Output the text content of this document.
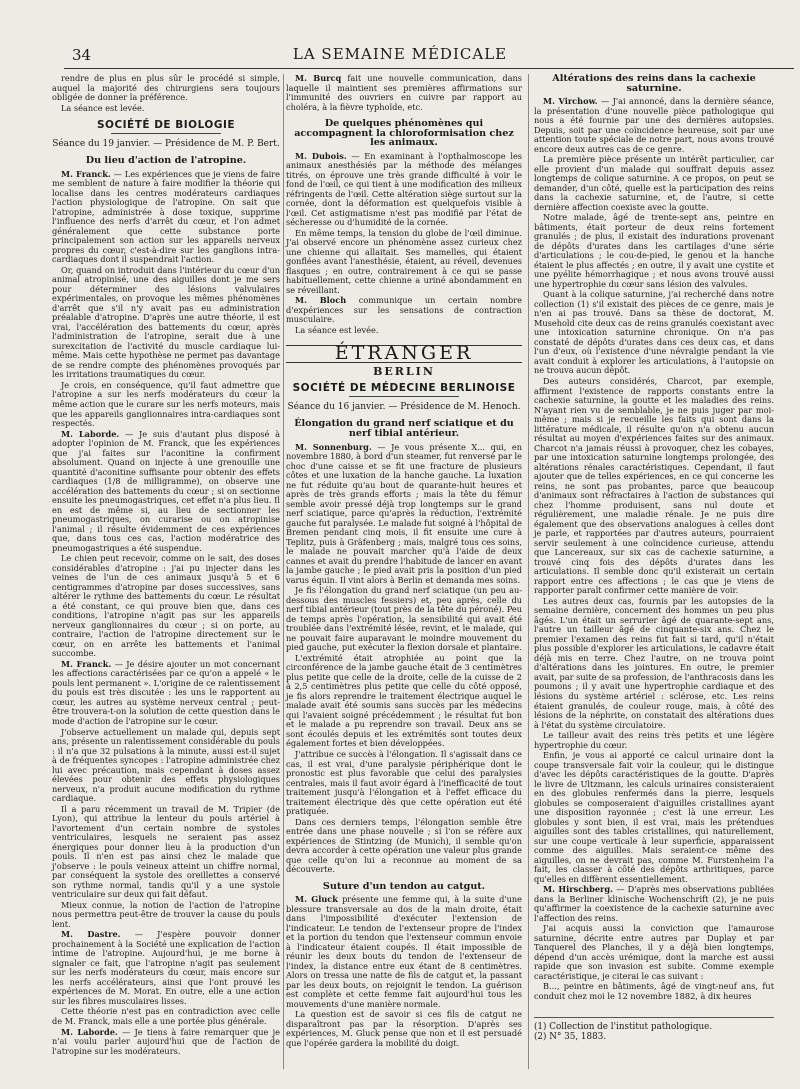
34	LA SEMAINE MÉDICALE

rendre de plus en plus sûr le procédé si simple, auquel la majorité des chirurgiens sera toujours obligée de donner la préférence.

La séance est levée.

SOCIÉTÉ DE BIOLOGIE
Séance du 19 janvier. — Présidence de M. P. Bert.
Du lieu d'action de l'atropine.

M. Franck. — Les expériences que je viens de faire me semblent de nature à faire modifier la théorie qui localise dans les centres modérateurs cardiaques l'action physiologique de l'atropine. On sait que l'atropine, administrée à dose toxique, supprime l'influence des nerfs d'arrêt du cœur, et l'on admet généralement que cette substance porte principalement son action sur les appareils nerveux propres du cœur, c'est-à-dire sur les ganglions intra-cardiaques dont il suspendrait l'action.

Or, quand on introduit dans l'intérieur du cœur d'un animal atropinisé, une des aiguilles dont je me sers pour déterminer des lésions valvulaires expérimentales, on provoque les mêmes phénomènes d'arrêt que s'il n'y avait pas eu administration préalable d'atropine. D'après une autre théorie, il est vrai, l'accélération des battements du cœur, après l'administration de l'atropine, serait due à une surexcitation de l'activité du muscle cardiaque lui-même. Mais cette hypothèse ne permet pas davantage de se rendre compte des phénomènes provoqués par les irritations traumatiques du cœur.

Je crois, en conséquence, qu'il faut admettre que l'atropine a sur les nerfs modérateurs du cœur la même action que le curare sur les nerfs moteurs, mais que les appareils ganglionnaires intra-cardiaques sont respectés.

M. Laborde. — Je suis d'autant plus disposé à adopter l'opinion de M. Franck, que les expériences que j'ai faites sur l'aconitine la confirment absolument. Quand on injecte à une grenouille une quantité d'aconitine suffisante pour obtenir des effets cardiaques (1/8 de milligramme), on observe une accélération des battements du cœur ; si on sectionne ensuite les pneumogastriques, cet effet n'a plus lieu. Il en est de même si, au lieu de sectionner les pneumogastriques, on curarise ou on atropinise l'animal ; il résulte évidemment de ces expériences que, dans tous ces cas, l'action modératrice des pneumogastriques a été suspendue.

Le chien peut recevoir, comme on le sait, des doses considérables d'atropine : j'ai pu injecter dans les veines de l'un de ces animaux jusqu'à 5 et 6 centigrammes d'atropine par doses successives, sans altérer le rythme des battements du cœur. Le résultat a été constant, ce qui prouve bien que, dans ces conditions, l'atropine n'agit pas sur les appareils nerveux ganglionnaires du cœur ; si on porte, au contraire, l'action de l'atropine directement sur le cœur, on en arrête les battements et l'animal succombe.

M. Franck. — Je désire ajouter un mot concernant les affections caractérisées par ce qu'on a appelé « le pouls lent permanent ». L'origine de ce ralentissement du pouls est très discutée : les uns le rapportent au cœur, les autres au système nerveux central ; peut-être trouvera-t-on la solution de cette question dans le mode d'action de l'atropine sur le cœur.

J'observe actuellement un malade qui, depuis sept ans, présente un ralentissement considérable du pouls : il n'a que 32 pulsations à la minute, aussi est-il sujet à de fréquentes syncopes : l'atropine administrée chez lui avec précaution, mais cependant à doses assez élevées pour obtenir des effets physiologiques nerveux, n'a produit aucune modification du rythme cardiaque.

Il a paru récemment un travail de M. Tripier (de Lyon), qui attribue la lenteur du pouls artériel à l'avortement d'un certain nombre de systoles ventriculaires, lesquels ne seraient pas assez énergiques pour donner lieu à la production d'un pouls. Il n'en est pas ainsi chez le malade que j'observe : le pouls veineux atteint un chiffre normal, par conséquent la systole des oreillettes a conservé son rythme normal, tandis qu'il y a une systole ventriculaire sur deux qui fait défaut.

Mieux connue, la notion de l'action de l'atropine nous permettra peut-être de trouver la cause du pouls lent.

M. Dastre. — J'espère pouvoir donner prochainement à la Société une explication de l'action intime de l'atropine. Aujourd'hui, je me borne à signaler ce fait, que l'atropine n'agit pas seulement sur les nerfs modérateurs du cœur, mais encore sur les nerfs accélérateurs, ainsi que l'ont prouvé les expériences de M. Morat. En outre, elle a une action sur les fibres musculaires lisses.

Cette théorie n'est pas en contradiction avec celle de M. Franck, mais elle a une portée plus générale.

M. Laborde. — Je tiens à faire remarquer que je n'ai voulu parler aujourd'hui que de l'action de l'atropine sur les modérateurs.

M. Burcq fait une nouvelle communication, dans laquelle il maintient ses premières affirmations sur l'immunité des ouvriers en cuivre par rapport au choléra, à la fièvre typhoïde, etc.

De quelques phénomènes qui accompagnent la chloroformisation chez les animaux.

M. Dubois. — En examinant à l'opthalmoscope les animaux anesthésiés par la méthode des mélanges titrés, on éprouve une très grande difficulté à voir le fond de l'œil, ce qui tient à une modification des milieux réfringents de l'œil. Cette altération siège surtout sur la cornée, dont la déformation est quelquefois visible à l'œil. Cet astigmatisme n'est pas modifié par l'état de sécheresse ou d'humidité de la cornée.

En même temps, la tension du globe de l'œil diminue. J'ai observé encore un phénomène assez curieux chez une chienne qui allaitait. Ses mamelles, qui étaient gonflées avant l'anesthésie, étaient, au réveil, devenues flasques ; en outre, contrairement à ce qui se passe habituellement, cette chienne a uriné abondamment en se réveillant.

M. Bloch communique un certain nombre d'expériences sur les sensations de contraction musculaire.

La séance est levée.

ÉTRANGER
BERLIN
SOCIÉTÉ DE MÉDECINE BERLINOISE
Séance du 16 janvier. — Présidence de M. Henoch.
Élongation du grand nerf sciatique et du nerf tibial antérieur.

M. Sonnenburg. — Je vous présente X... qui, en novembre 1880, à bord d'un steamer, fut renversé par le choc d'une caisse et se fit une fracture de plusieurs côtes et une luxation de la hanche gauche. La luxation ne fut réduite qu'au bout de quarante-huit heures et après de très grands efforts ; mais la tête du fémur semble avoir pressé déjà trop longtemps sur le grand nerf sciatique, parce qu'après la réduction, l'extrémité gauche fut paralysée. Le malade fut soigné à l'hôpital de Bremen pendant cinq mois, il fit ensuite une cure à Teplitz, puis à Gräfenberg ; mais, malgré tous ces soins, le malade ne pouvait marcher qu'à l'aide de deux cannes et avait du prendre l'habitude de lancer en avant la jambe gauche ; le pied avait pris la position d'un pied varus équin. Il vint alors à Berlin et demanda mes soins.

Je fis l'élongation du grand nerf sciatique (un peu au-dessous des muscles fessiers) et, peu après, celle du nerf tibial antérieur (tout près de la tête du péroné). Peu de temps après l'opération, la sensibilité qui avait été troublée dans l'extrémité lésée, revint, et le malade, qui ne pouvait faire auparavant le moindre mouvement du pied gauche, put exécuter la flexion dorsale et plantaire.

L'extrémité était atrophiée au point que la circonférence de la jambe gauche était de 3 centimètres plus petite que celle de la droite, celle de la cuisse de 2 à 2,5 centimètres plus petite que celle du côté opposé, je fis alors reprendre le traitement électrique auquel le malade avait été soumis sans succès par les médecins qui l'avaient soigné précédemment ; le résultat fut bon et le malade a pu reprendre son travail. Deux ans se sont écoulés depuis et les extrémités sont toutes deux également fortes et bien développées.

J'attribue ce succès à l'élongation. Il s'agissait dans ce cas, il est vrai, d'une paralysie périphérique dont le pronostic est plus favorable que celui des paralysies centrales, mais il faut avoir égard à l'inefficacité de tout traitement jusqu'à l'élongation et à l'effet efficace du traitement électrique dès que cette opération eut été pratiquée.

Dans ces derniers temps, l'élongation semble être entrée dans une phase nouvelle ; si l'on se réfère aux expériences de Stintzing (de Munich), il semble qu'on devra accorder à cette opération une valeur plus grande que celle qu'on lui a reconnue au moment de sa découverte.

Suture d'un tendon au catgut.

M. Gluck présente une femme qui, à la suite d'une blessure transversale au dos de la main droite, était dans l'impossibilité d'exécuter l'extension de l'indicateur. Le tendon de l'extenseur propre de l'index et la portion du tendon que l'extenseur commun envoie à l'indicateur étaient coupés. Il était impossible de réunir les deux bouts du tendon de l'extenseur de l'index, la distance entre eux étant de 8 centimètres. Alors on tressa une natte de fils de catgut et, la passant par les deux bouts, on rejoignit le tendon. La guérison est complète et cette femme fait aujourd'hui tous les mouvements d'une manière normale.

La question est de savoir si ces fils de catgut ne disparaîtront pas par la résorption. D'après ses expériences, M. Gluck pense que non et il est persuadé que l'opérée gardera la mobilité du doigt.

Altérations des reins dans la cachexie saturnine.

M. Virchow. — J'ai annoncé, dans la dernière séance, la présentation d'une nouvelle pièce pathologique qui nous a été fournie par une des dernières autopsies. Depuis, soit par une coïncidence heureuse, soit par une attention toute spéciale de notre part, nous avons trouvé encore deux autres cas de ce genre.

La première pièce présente un intérêt particulier, car elle provient d'un malade qui souffrait depuis assez longtemps de colique saturnine. A ce propos, on peut se demander, d'un côté, quelle est la participation des reins dans la cachexie saturnine, et, de l'autre, si cette dernière affection coexiste avec la goutte.

Notre malade, âgé de trente-sept ans, peintre en bâtiments, était porteur de deux reins fortement granulés ; de plus, il existait des indurations provenant de dépôts d'urates dans les cartilages d'une série d'articulations ; le cou-de-pied, le genou et la hanche étaient le plus affectés ; en outre, il y avait une cystite et une pyélite hémorrhagique ; et nous avons trouvé aussi une hypertrophie du cœur sans lésion des valvules.

Quant à la colique saturnine, j'ai recherché dans notre collection (1) s'il existait des pièces de ce genre, mais je n'en ai pas trouvé. Dans sa thèse de doctorat, M. Musehold cite deux cas de reins granulés coexistant avec une intoxication saturnine chronique. On n'a pas constaté de dépôts d'urates dans ces deux cas, et dans l'un d'eux, où l'existence d'une névralgie pendant la vie avait conduit à explorer les articulations, à l'autopsie on ne trouva aucun dépôt.

Des auteurs considérés, Charcot, par exemple, affirment l'existence de rapports constants entre la cachexie saturnine, la goutte et les maladies des reins. N'ayant rien vu de semblable, je ne puis juger par moi-même ; mais si je recueille les faits qui sont dans la littérature médicale, il résulte qu'on n'a obtenu aucun résultat au moyen d'expériences faites sur des animaux. Charcot n'a jamais réussi à provoquer, chez les cobayes, par une intoxication saturnine longtemps prolongée, des altérations rénales caractéristiques. Cependant, il faut ajouter que de telles expériences, en ce qui concerne les reins, ne sont pas probantes, parce que beaucoup d'animaux sont réfractaires à l'action de substances qui chez l'homme produisent, sans nul doute et régulièrement, une maladie rénale. Je ne puis dire également que des observations analogues à celles dont je parle, et rapportées par d'autres auteurs, pourraient servir seulement à une coïncidence curieuse, attendu que Lancereaux, sur six cas de cachexie saturnine, a trouvé cinq fois des dépôts d'urates dans les articulations. Il semble donc qu'il existerait un certain rapport entre ces affections ; le cas que je viens de rapporter paraît confirmer cette manière de voir.

Les autres deux cas, fournis par les autopsies de la semaine dernière, concernent des hommes un peu plus âgés. L'un était un serrurier âgé de quarante-sept ans, l'autre un tailleur âgé de cinquante-six ans. Chez le premier l'examen des reins fut fait si tard, qu'il n'était plus possible d'explorer les articulations, le cadavre était déjà mis en terre. Chez l'autre, on ne trouva point d'altérations dans les jointures. En outre, le premier avait, par suite de sa profession, de l'anthracosis dans les poumons ; il y avait une hypertrophie cardiaque et des lésions du système artériel : sclérose, etc. Les reins étaient granulés, de couleur rouge, mais, à côté des lésions de la néphrite, on constatait des altérations dues à l'état du système circulatoire.

Le tailleur avait des reins très petits et une légère hypertrophie du cœur.

Enfin, je vous ai apporté ce calcul urinaire dont la coupe transversale fait voir la couleur, qui le distingue d'avec les dépôts caractéristiques de la goutte. D'après le livre de Ultzmann, les calculs urinaires consisteraient en des globules renfermés dans la pierre, lesquels globules se composeraient d'aiguilles cristallines ayant une disposition rayonnée ; c'est là une erreur. Les globules y sont bien, il est vrai, mais les prétendues aiguilles sont des tables cristallines, qui naturellement, sur une coupe verticale à leur superficie, apparaissent comme des aiguilles. Mais seraient-ce même des aiguilles, on ne devrait pas, comme M. Furstenheim l'a fait, les classer à côté des dépôts arthritiques, parce qu'elles en diffèrent essentiellement.

M. Hirschberg. — D'après mes observations publiées dans la Berliner klinische Wochenschrift (2), je ne puis qu'affirmer la coexistence de la cachexie saturnine avec l'affection des reins.

J'ai acquis aussi la conviction que l'amaurose saturnine, décrite entre autres par Duplay et par Tanquerel des Planches, il y a déjà bien longtemps, dépend d'un accès urémique, dont la marche est aussi rapide que son invasion est subite. Comme exemple caractéristique, je citerai le cas suivant :

B..., peintre en bâtiments, âgé de vingt-neuf ans, fut conduit chez moi le 12 novembre 1882, à dix heures

(1) Collection de l'institut pathologique.
(2) N° 35, 1883.
